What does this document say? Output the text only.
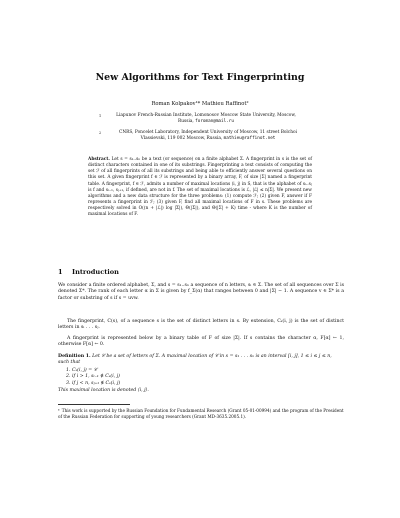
New Algorithms for Text Fingerprinting
Roman Kolpakov¹* Mathieu Raffinot²
1	Liapunov French-Russian Institute, Lomonosov Moscow State University, Moscow,
Russia, foroman@mail.ru
2	CNRS, Poncelet Laboratory, Independent University of Moscow, 11 street Bolchoi
Vlassievski, 119 002 Moscow, Russia, mathieu@raffinot.net
Abstract. Let s = s₁..sₙ be a text (or sequence) on a finite alphabet Σ. A fingerprint in s is the set of distinct characters contained in one of its substrings. Fingerprinting a text consists of computing the set ℱ of all fingerprints of all its substrings and being able to efficiently answer several questions on this set. A given fingerprint f ∈ ℱ is represented by a binary array, F, of size |Σ| named a fingerprint table. A fingerprint, f ∈ ℱ, admits a number of maximal locations ⟨i, j⟩ in S, that is the alphabet of sᵢ..sⱼ is f and sᵢ₋₁, sⱼ₊₁, if defined, are not in f. The set of maximal locations is ℒ, |ℒ| ≤ n|Σ|. We present new algorithms and a new data structure for the three problems: (1) compute ℱ; (2) given F, answer if F represents a fingerprint in ℱ; (3) given F, find all maximal locations of F in s. These problems are respectively solved in O((n + |ℒ|) log |Σ|), Θ(|Σ|), and Θ(|Σ| + K) time - where K is the number of maximal locations of F.
1 Introduction
We consider a finite ordered alphabet, Σ, and s = s₁..sₙ a sequence of n letters, sᵢ ∈ Σ. The set of all sequences over Σ is denoted Σ*. The rank of each letter α in Σ is given by f_Σ(α) that ranges between 0 and |Σ| − 1. A sequence v ∈ Σ* is a factor or substring of s if s = uvw.
The fingerprint, C(s), of a sequence s is the set of distinct letters in s. By extension, Cₛ(i, j) is the set of distinct letters in sᵢ . . . sⱼ.
A fingerprint is represented below by a binary table of F of size |Σ|. If s contains the character α, F[α] ← 1, otherwise F[α] ← 0.
Definition 1. Let 𝒞 be a set of letters of Σ. A maximal location of 𝒞 in s = s₁ . . . sₙ is an interval [i, j], 1 ≤ i ≤ j ≤ n, such that
1. Cₛ(i, j) = 𝒞
2. if i > 1, sᵢ₋₁ ∉ Cₛ(i, j)
3. if j < n, sⱼ₊₁ ∉ Cₛ(i, j)
This maximal location is denoted ⟨i, j⟩.
* This work is supported by the Russian Foundation for Fundamental Research (Grant 05-01-00994) and the program of the President of the Russian Federation for supporting of young researchers (Grant MD-3635.2005.1).
